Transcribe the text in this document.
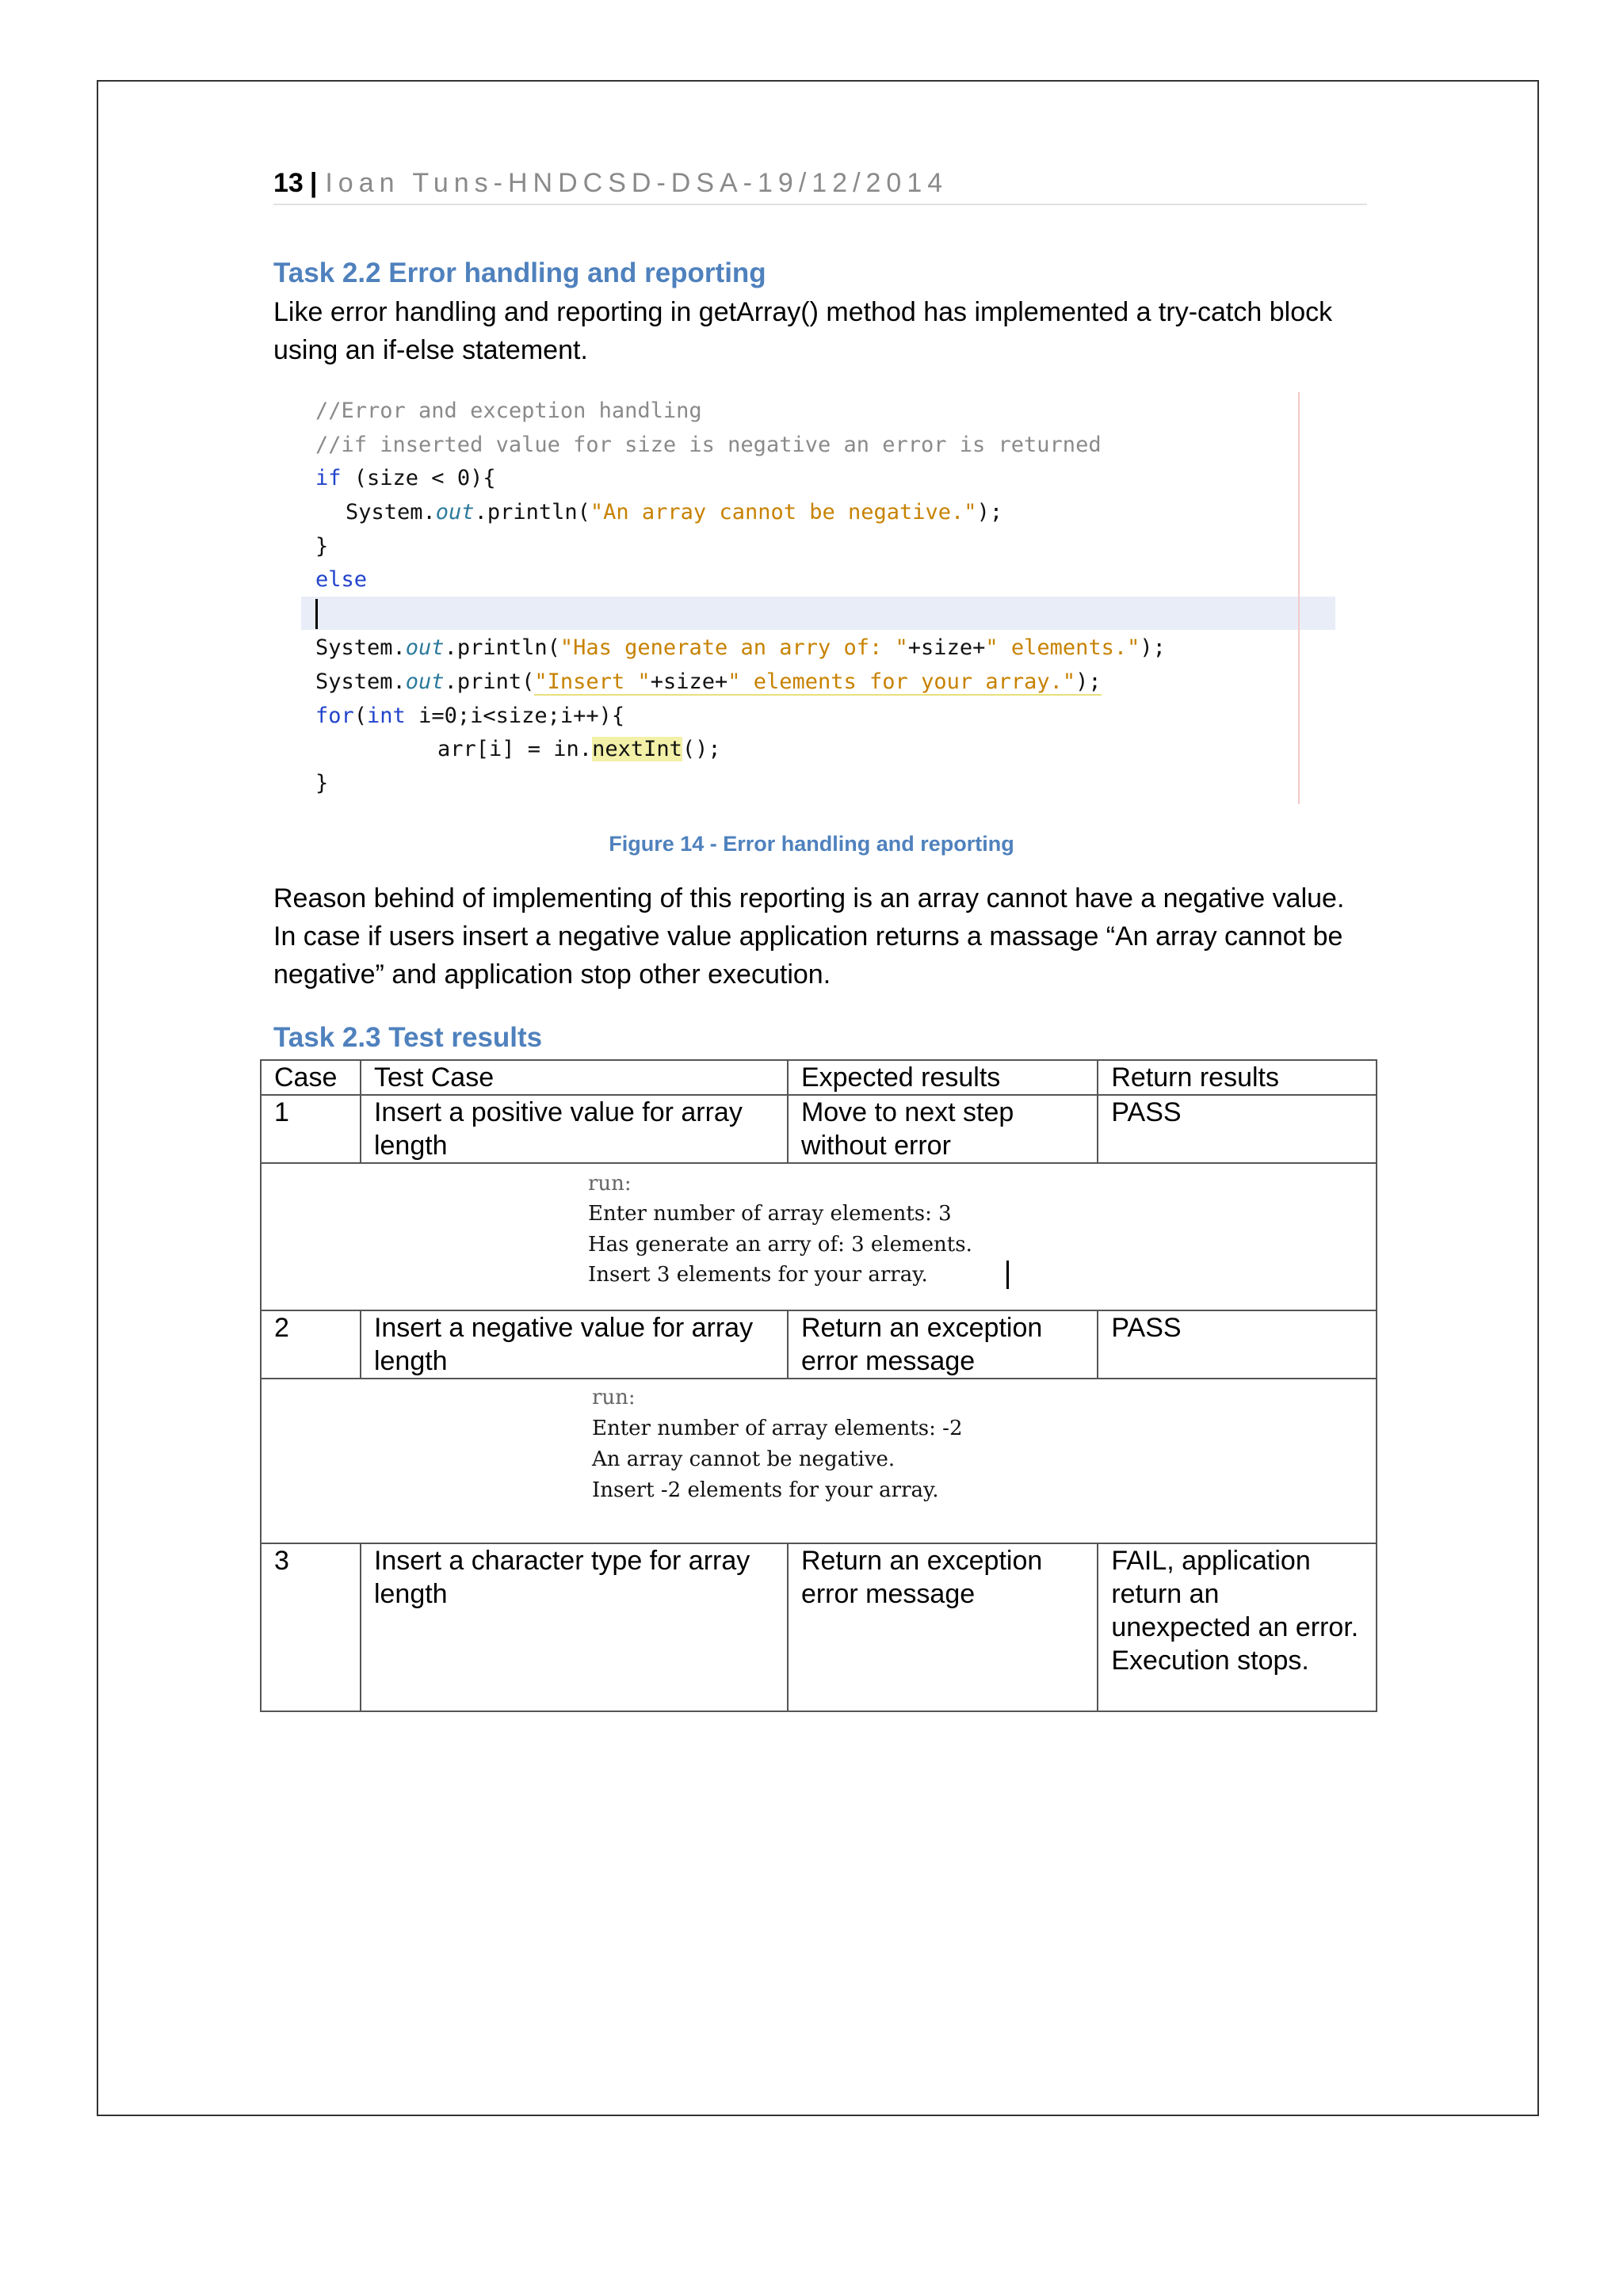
13 | Ioan Tuns-HNDCSD-DSA-19/12/2014
Task 2.2 Error handling and reporting
Like error handling and reporting in getArray() method has implemented a try-catch block using an if-else statement.
//Error and exception handling
//if inserted value for size is negative an error is returned
if (size < 0){
System.out.println("An array cannot be negative.");
}
else
System.out.println("Has generate an arry of: "+size+" elements.");
System.out.print("Insert "+size+" elements for your array.");
for(int i=0;i<size;i++){
arr[i] = in.nextInt();
}
Figure 14 - Error handling and reporting
Reason behind of implementing of this reporting is an array cannot have a negative value. In case if users insert a negative value application returns a massage “An array cannot be negative” and application stop other execution.
Task 2.3 Test results
Case	Test Case	Expected results	Return results
1	Insert a positive value for array length	Move to next step without error	PASS

run:
Enter number of array elements: 3
Has generate an arry of: 3 elements.
Insert 3 elements for your array.			

2	Insert a negative value for array length	Return an exception error message	PASS

run:
Enter number of array elements: -2
An array cannot be negative.
Insert -2 elements for your array.			

3	Insert a character type for array length	Return an exception error message	FAIL, application return an unexpected an error. Execution stops.
